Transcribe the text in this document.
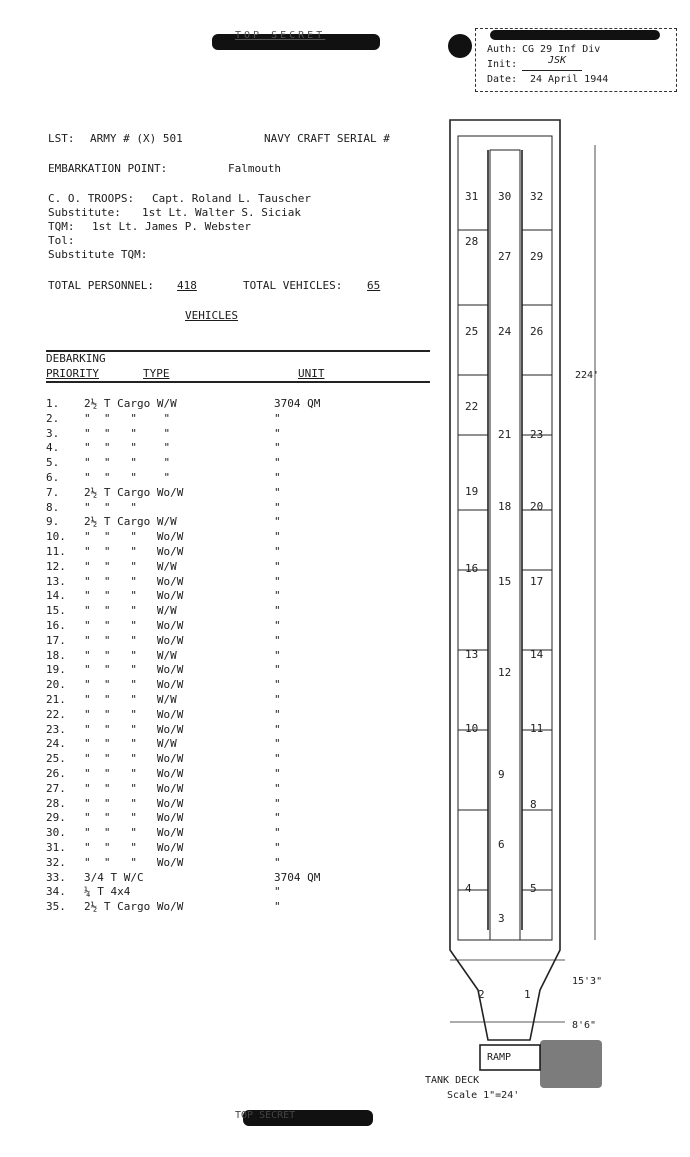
TOP SECRET
Auth: CG 29 Inf Div
Init:	JSK
Date: 24 April 1944
LST: ARMY # (X) 501	NAVY CRAFT SERIAL #
EMBARKATION POINT:	Falmouth
C. O. TROOPS: Capt. Roland L. Tauscher
Substitute: 1st Lt. Walter S. Siciak
TQM: 1st Lt. James P. Webster
Tol:
Substitute TQM:
TOTAL PERSONNEL: 418	TOTAL VEHICLES: 65
VEHICLES
DEBARKING
PRIORITY	TYPE	UNIT
1.	2½ T Cargo W/W	3704 QM
2.	"  "   "    "	"
3.	"  "   "    "	"
4.	"  "   "    "	"
5.	"  "   "    "	"
6.	"  "   "    "	"
7.	2½ T Cargo Wo/W	"
8.	"  "   "	"
9.	2½ T Cargo W/W	"
10.	"  "   "   Wo/W	"
11.	"  "   "   Wo/W	"
12.	"  "   "   W/W	"
13.	"  "   "   Wo/W	"
14.	"  "   "   Wo/W	"
15.	"  "   "   W/W	"
16.	"  "   "   Wo/W	"
17.	"  "   "   Wo/W	"
18.	"  "   "   W/W	"
19.	"  "   "   Wo/W	"
20.	"  "   "   Wo/W	"
21.	"  "   "   W/W	"
22.	"  "   "   Wo/W	"
23.	"  "   "   Wo/W	"
24.	"  "   "   W/W	"
25.	"  "   "   Wo/W	"
26.	"  "   "   Wo/W	"
27.	"  "   "   Wo/W	"
28.	"  "   "   Wo/W	"
29.	"  "   "   Wo/W	"
30.	"  "   "   Wo/W	"
31.	"  "   "   Wo/W	"
32.	"  "   "   Wo/W	"
33.	3/4 T W/C	3704 QM
34.	¼ T 4x4	"
35.	2½ T Cargo Wo/W	"
1
2
3
4	5
6
8
9
10	11
12
13	14
15
16
17
18
19
20
21
22
23
24
25	26
27
28
29
30
31	32
224'
15'3"
8'6"
RAMP
TANK DECK
Scale 1"=24'
TOP SECRET
